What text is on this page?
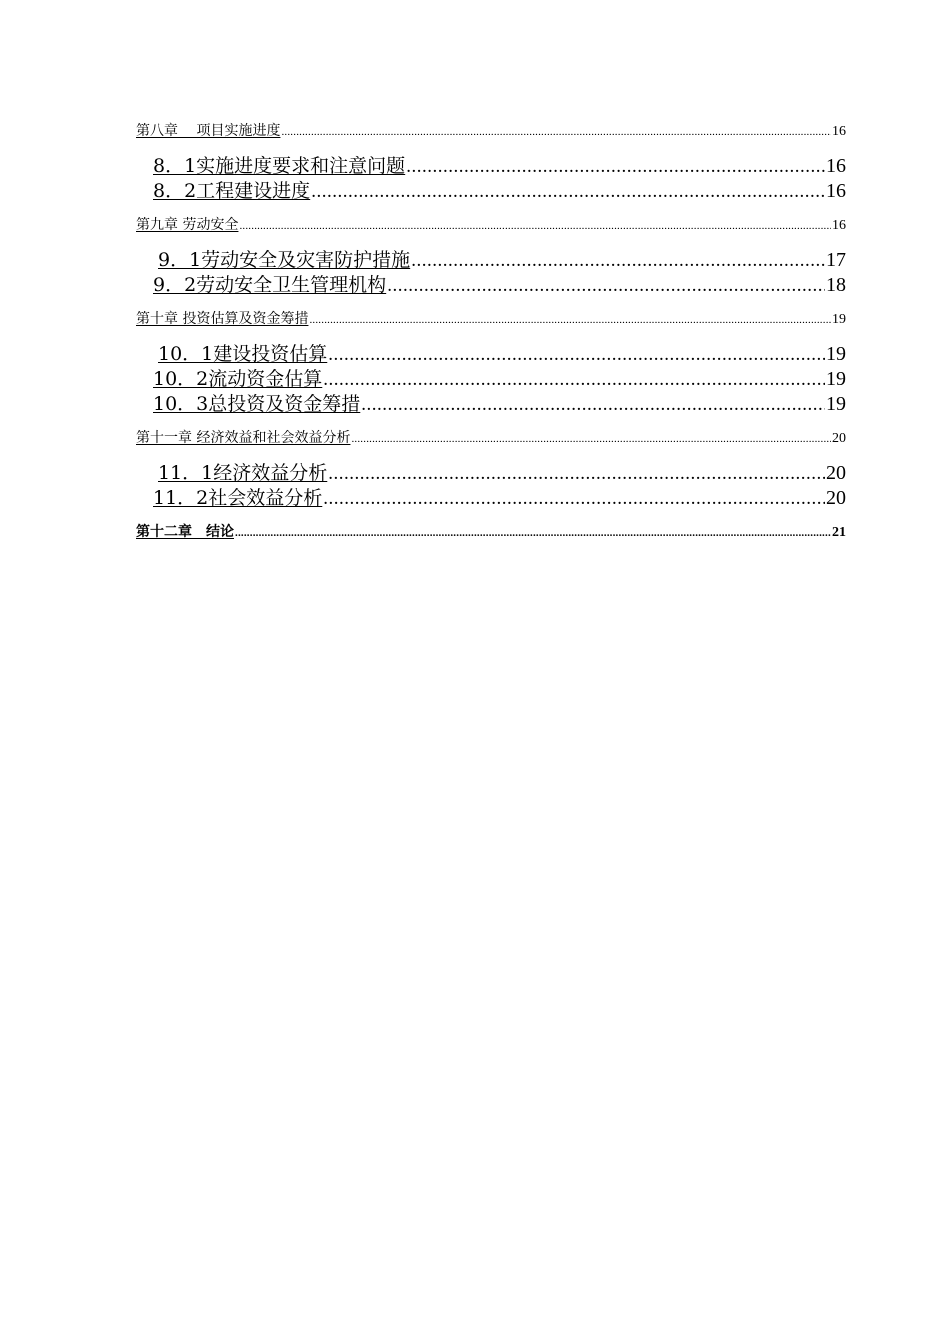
第八章　 项目实施进度 .....	16
8．1实施进度要求和注意问题 .....	16
8．2工程建设进度 .....	16
第九章 劳动安全 .....	16
9．1劳动安全及灾害防护措施 .....	17
9．2劳动安全卫生管理机构 .....	18
第十章 投资估算及资金筹措 .....	19
10．1建设投资估算 .....	19
10．2流动资金估算 .....	19
10．3总投资及资金筹措 .....	19
第十一章 经济效益和社会效益分析 .....	20
11．1经济效益分析 .....	20
11．2社会效益分析 .....	20
第十二章　结论 .....	21
